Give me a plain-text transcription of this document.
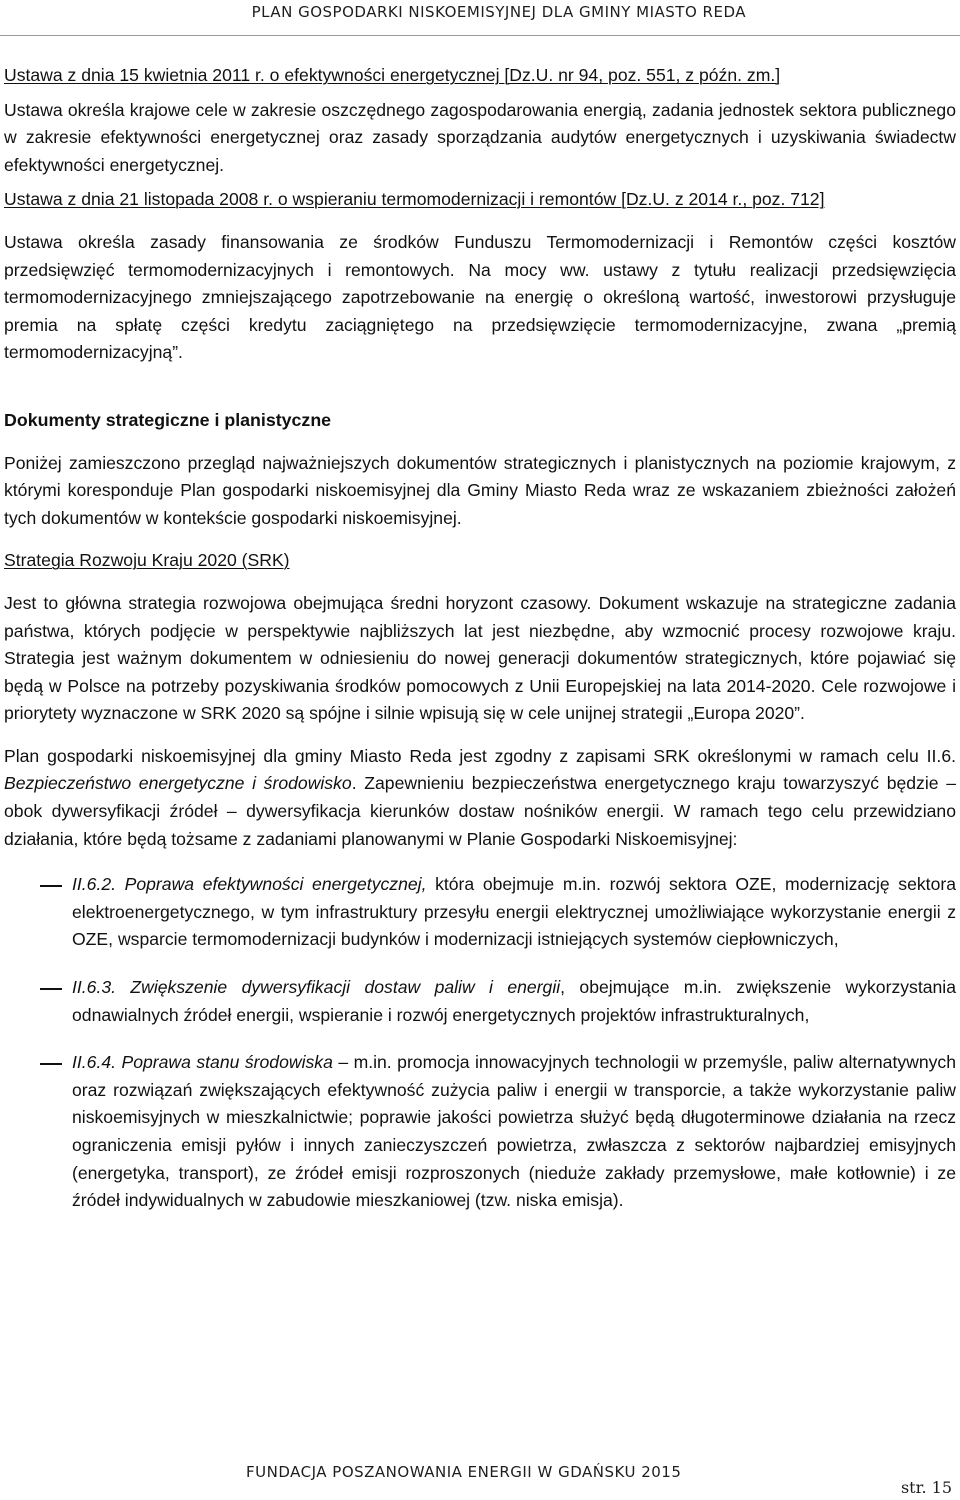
PLAN GOSPODARKI NISKOEMISYJNEJ DLA GMINY MIASTO REDA

Ustawa z dnia 15 kwietnia 2011 r. o efektywności energetycznej [Dz.U. nr 94, poz. 551, z późn. zm.]

Ustawa określa krajowe cele w zakresie oszczędnego zagospodarowania energią, zadania jednostek sektora publicznego w zakresie efektywności energetycznej oraz zasady sporządzania audytów energetycznych i uzyskiwania świadectw efektywności energetycznej.

Ustawa z dnia 21 listopada 2008 r. o wspieraniu termomodernizacji i remontów [Dz.U. z 2014 r., poz. 712]

Ustawa określa zasady finansowania ze środków Funduszu Termomodernizacji i Remontów części kosztów przedsięwzięć termomodernizacyjnych i remontowych. Na mocy ww. ustawy z tytułu realizacji przedsięwzięcia termomodernizacyjnego zmniejszającego zapotrzebowanie na energię o określoną wartość, inwestorowi przysługuje premia na spłatę części kredytu zaciągniętego na przedsięwzięcie termomodernizacyjne, zwana „premią termomodernizacyjną”.

Dokumenty strategiczne i planistyczne

Poniżej zamieszczono przegląd najważniejszych dokumentów strategicznych i planistycznych na poziomie krajowym, z którymi koresponduje Plan gospodarki niskoemisyjnej dla Gminy Miasto Reda wraz ze wskazaniem zbieżności założeń tych dokumentów w kontekście gospodarki niskoemisyjnej.

Strategia Rozwoju Kraju 2020 (SRK)

Jest to główna strategia rozwojowa obejmująca średni horyzont czasowy. Dokument wskazuje na strategiczne zadania państwa, których podjęcie w perspektywie najbliższych lat jest niezbędne, aby wzmocnić procesy rozwojowe kraju. Strategia jest ważnym dokumentem w odniesieniu do nowej generacji dokumentów strategicznych, które pojawiać się będą w Polsce na potrzeby pozyskiwania środków pomocowych z Unii Europejskiej na lata 2014-2020. Cele rozwojowe i priorytety wyznaczone w SRK 2020 są spójne i silnie wpisują się w cele unijnej strategii „Europa 2020”.

Plan gospodarki niskoemisyjnej dla gminy Miasto Reda jest zgodny z zapisami SRK określonymi w ramach celu II.6. Bezpieczeństwo energetyczne i środowisko. Zapewnieniu bezpieczeństwa energetycznego kraju towarzyszyć będzie – obok dywersyfikacji źródeł – dywersyfikacja kierunków dostaw nośników energii. W ramach tego celu przewidziano działania, które będą tożsame z zadaniami planowanymi w Planie Gospodarki Niskoemisyjnej:

II.6.2. Poprawa efektywności energetycznej, która obejmuje m.in. rozwój sektora OZE, modernizację sektora elektroenergetycznego, w tym infrastruktury przesyłu energii elektrycznej umożliwiające wykorzystanie energii z OZE, wsparcie termomodernizacji budynków i modernizacji istniejących systemów ciepłowniczych,
II.6.3. Zwiększenie dywersyfikacji dostaw paliw i energii, obejmujące m.in. zwiększenie wykorzystania odnawialnych źródeł energii, wspieranie i rozwój energetycznych projektów infrastrukturalnych,
II.6.4. Poprawa stanu środowiska – m.in. promocja innowacyjnych technologii w przemyśle, paliw alternatywnych oraz rozwiązań zwiększających efektywność zużycia paliw i energii w transporcie, a także wykorzystanie paliw niskoemisyjnych w mieszkalnictwie; poprawie jakości powietrza służyć będą długoterminowe działania na rzecz ograniczenia emisji pyłów i innych zanieczyszczeń powietrza, zwłaszcza z sektorów najbardziej emisyjnych (energetyka, transport), ze źródeł emisji rozproszonych (niedużе zakłady przemysłowe, małe kotłownie) i ze źródeł indywidualnych w zabudowie mieszkaniowej (tzw. niska emisja).
FUNDACJA POSZANOWANIA ENERGII W GDAŃSKU 2015
str. 15
